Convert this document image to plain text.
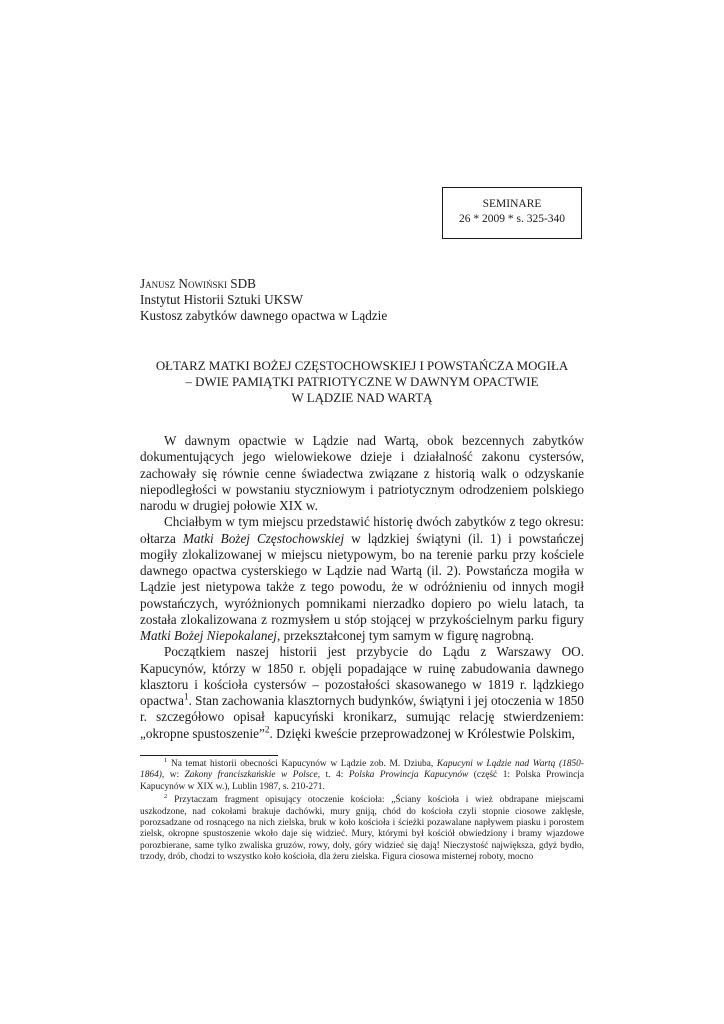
SEMINARE
26 * 2009 * s. 325-340
Janusz Nowiński SDB
Instytut Historii Sztuki UKSW
Kustosz zabytków dawnego opactwa w Lądzie
OŁTARZ MATKI BOŻEJ CZĘSTOCHOWSKIEJ I POWSTAŃCZA MOGIŁA
– DWIE PAMIĄTKI PATRIOTYCZNE W DAWNYM OPACTWIE
W LĄDZIE NAD WARTĄ

W dawnym opactwie w Lądzie nad Wartą, obok bezcennych zabytków dokumentujących jego wielowiekowe dzieje i działalność zakonu cystersów, zachowały się równie cenne świadectwa związane z historią walk o odzyskanie niepodległości w powstaniu styczniowym i patriotycznym odrodzeniem polskiego narodu w drugiej połowie XIX w.

Chciałbym w tym miejscu przedstawić historię dwóch zabytków z tego okresu: ołtarza Matki Bożej Częstochowskiej w lądzkiej świątyni (il. 1) i powstańczej mogiły zlokalizowanej w miejscu nietypowym, bo na terenie parku przy kościele dawnego opactwa cysterskiego w Lądzie nad Wartą (il. 2). Powstańcza mogiła w Lądzie jest nietypowa także z tego powodu, że w odróżnieniu od innych mogił powstańczych, wyróżnionych pomnikami nierzadko dopiero po wielu latach, ta została zlokalizowana z rozmysłem u stóp stojącej w przykościelnym parku figury Matki Bożej Niepokalanej, przekształconej tym samym w figurę nagrobną.

Początkiem naszej historii jest przybycie do Lądu z Warszawy OO. Kapucynów, którzy w 1850 r. objęli popadające w ruinę zabudowania dawnego klasztoru i kościoła cystersów – pozostałości skasowanego w 1819 r. lądzkiego opactwa$^1$. Stan zachowania klasztornych budynków, świątyni i jej otoczenia w 1850 r. szczegółowo opisał kapucyński kronikarz, sumując relację stwierdzeniem: „okropne spustoszenie”$^2$. Dzięki kweście przeprowadzonej w Królestwie Polskim,

$^1$ Na temat historii obecności Kapucynów w Lądzie zob. M. Dziuba, Kapucyni w Lądzie nad Wartą (1850-1864), w: Zakony franciszkańskie w Polsce, t. 4: Polska Prowincja Kapucynów (część 1: Polska Prowincja Kapucynów w XIX w.), Lublin 1987, s. 210-271.

$^2$ Przytaczam fragment opisujący otoczenie kościoła: „Ściany kościoła i wież obdrapane miejscami uszkodzone, nad cokołami brakuje dachówki, mury gniją, chód do kościoła czyli stopnie ciosowe zaklęsłe, porozsadzane od rosnącego na nich zielska, bruk w koło kościoła i ścieżki pozawalane napływem piasku i porostem zielsk, okropne spustoszenie wkoło daje się widzieć. Mury, którymi był kościół obwiedziony i bramy wjazdowe porozbierane, same tylko zwaliska gruzów, rowy, doły, góry widzieć się dają! Nieczystość największa, gdyż bydło, trzody, drób, chodzi to wszystko koło kościoła, dla żeru zielska. Figura ciosowa misternej roboty, mocno
